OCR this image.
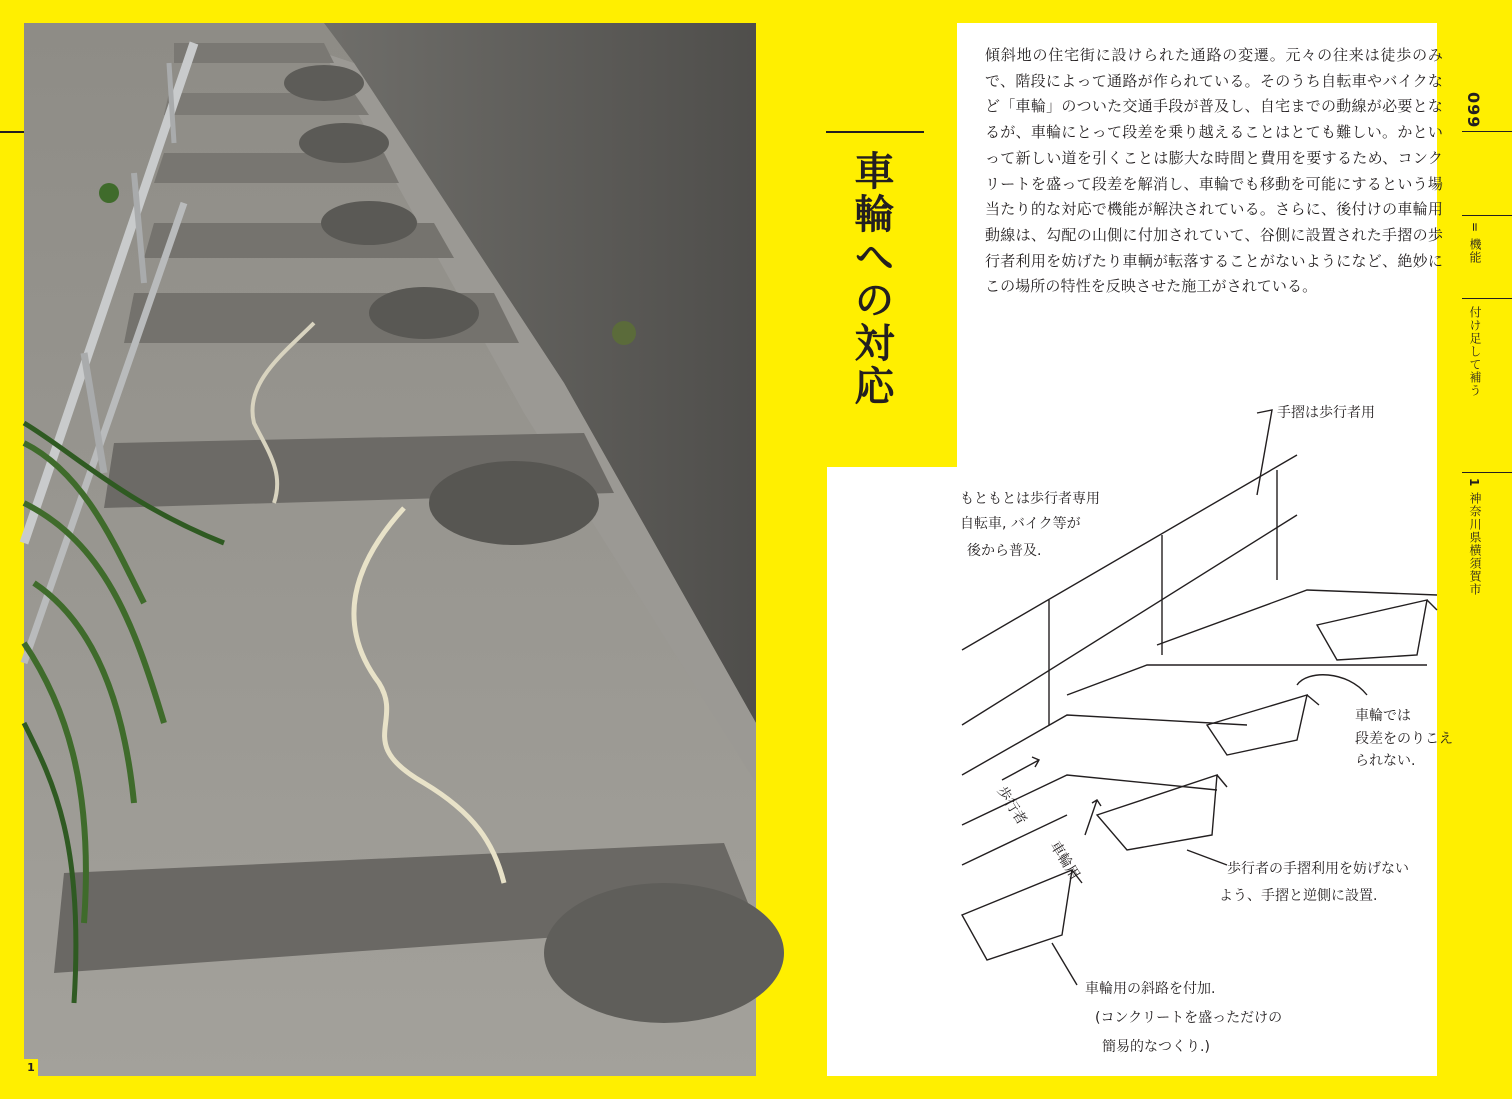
1
車輪への対応
傾斜地の住宅街に設けられた通路の変遷。元々の往来は徒歩のみで、階段によって通路が作られている。そのうち自転車やバイクなど「車輪」のついた交通手段が普及し、自宅までの動線が必要となるが、車輪にとって段差を乗り越えることはとても難しい。かといって新しい道を引くことは膨大な時間と費用を要するため、コンクリートを盛って段差を解消し、車輪でも移動を可能にするという場当たり的な対応で機能が解決されている。さらに、後付けの車輪用動線は、勾配の山側に付加されていて、谷側に設置された手摺の歩行者利用を妨げたり車輌が転落することがないようになど、絶妙にこの場所の特性を反映させた施工がされている。
099
= 機能
付け足して補う
1
神奈川県横須賀市
手摺は歩行者用
もともとは歩行者専用
自転車, バイク等が
後から普及.
車輪では
段差をのりこえ
られない.
歩行者
車輪用	歩行者の手摺利用を妨げない
よう、手摺と逆側に設置.
車輪用の斜路を付加.
(コンクリートを盛っただけの
簡易的なつくり.)
